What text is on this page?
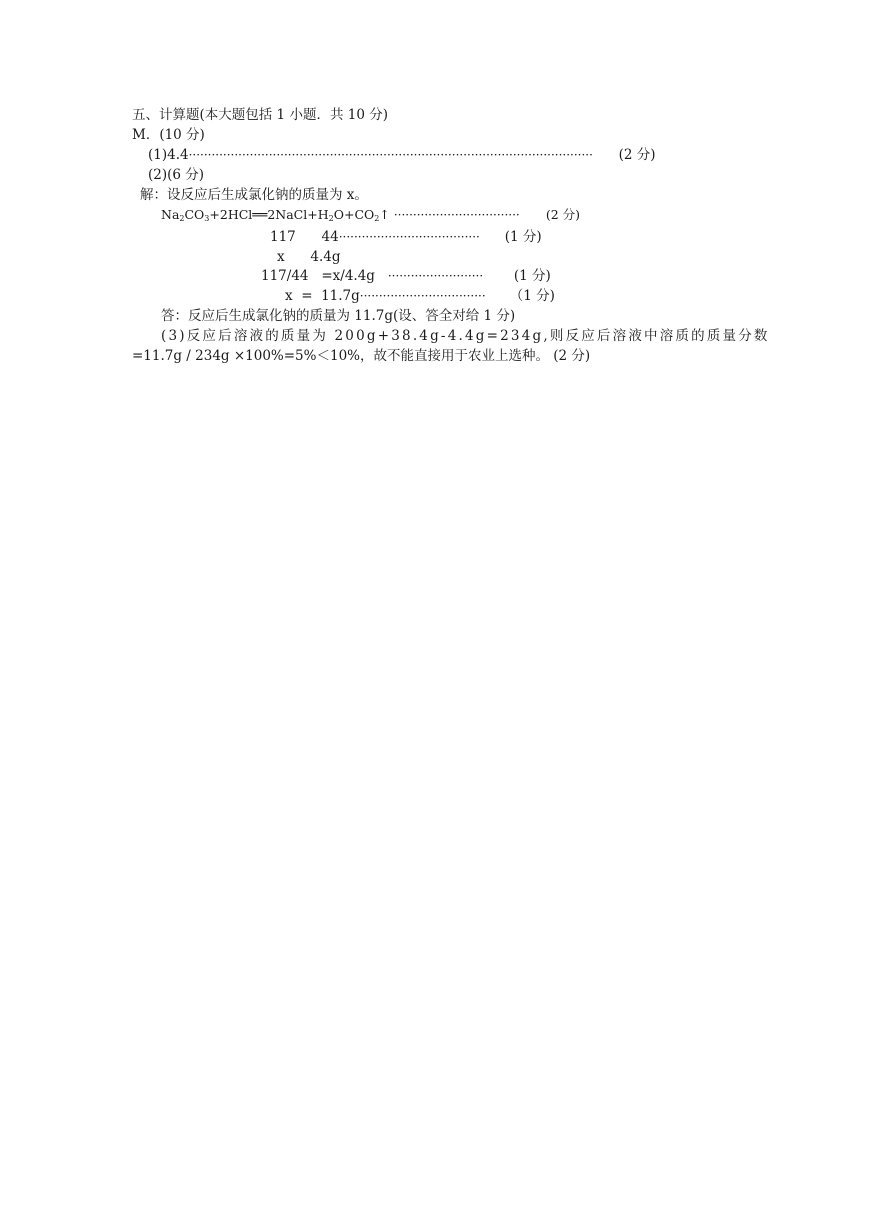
五、计算题(本大题包括 1 小题．共 10 分)
M．(10 分)
(1)4.4·········································································································· (2 分)
(2)(6 分)
解：设反应后生成氯化钠的质量为 x。
$Na_2CO_3+2HCl══2NaCl+H_2O+CO_2↑$ ································· (2 分)
117      44····································· (1 分)
x      4.4g
117/44   =x/4.4g   ························· (1 分)
x  =  11.7g································· （1 分)
答：反应后生成氯化钠的质量为 11.7g(设、答全对给 1 分)
(3)反应后溶液的质量为 200g+38.4g-4.4g=234g,则反应后溶液中溶质的质量分数
=11.7g / 234g ×100%=5%＜10%，故不能直接用于农业上选种。 (2 分)
